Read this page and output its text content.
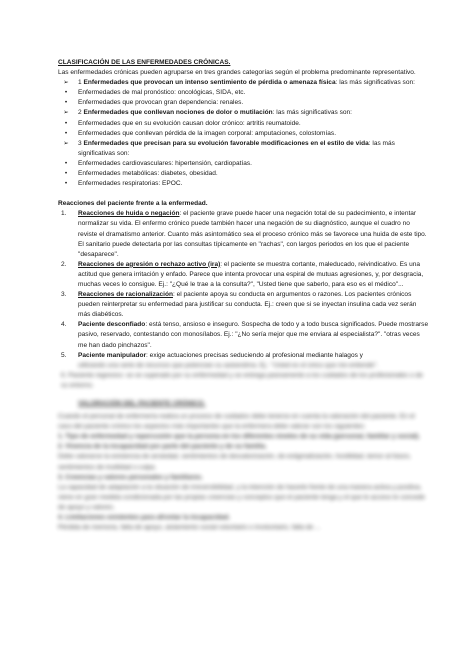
CLASIFICACIÓN DE LAS ENFERMEDADES CRÓNICAS.

Las enfermedades crónicas pueden agruparse en tres grandes categorías según el problema predominante representativo.

➢	1 Enfermedades que provocan un intenso sentimiento de pérdida o amenaza física: las más significativas son:
•	Enfermedades de mal pronóstico: oncológicas, SIDA, etc.
•	Enfermedades que provocan gran dependencia: renales.
➢	2 Enfermedades que conllevan nociones de dolor o mutilación: las más significativas son:
•	Enfermedades que en su evolución causan dolor crónico: artritis reumatoide.
•	Enfermedades que conllevan pérdida de la imagen corporal: amputaciones, colostomías.
➢	3 Enfermedades que precisan para su evolución favorable modificaciones en el estilo de vida: las más significativas son:
•	Enfermedades cardiovasculares: hipertensión, cardiopatías.
•	Enfermedades metabólicas: diabetes, obesidad.
•	Enfermedades respiratorias: EPOC.

Reacciones del paciente frente a la enfermedad.

1. Reacciones de huida o negación: el paciente grave puede hacer una negación total de su padecimiento, e intentar normalizar su vida. El enfermo crónico puede también hacer una negación de su diagnóstico, aunque el cuadro no reviste el dramatismo anterior. Cuanto más asintomático sea el proceso crónico más se favorece una huida de este tipo. El sanitario puede detectarla por las consultas típicamente en "rachas", con largos periodos en los que el paciente "desaparece".
2. Reacciones de agresión o rechazo activo (ira): el paciente se muestra cortante, maleducado, reivindicativo. Es una actitud que genera irritación y enfado. Parece que intenta provocar una espiral de mutuas agresiones, y, por desgracia, muchas veces lo consigue. Ej.: "¿Qué le trae a la consulta?", "Usted tiene que saberlo, para eso es el médico"...
3. Reacciones de racionalización: el paciente apoya su conducta en argumentos o razones. Los pacientes crónicos pueden reinterpretar su enfermedad para justificar su conducta. Ej.: creen que si se inyectan insulina cada vez serán más diabéticos.
4. Paciente desconfiado: está tenso, ansioso e inseguro. Sospecha de todo y a todo busca significados. Puede mostrarse pasivo, reservado, contestando con monosílabos. Ej.: "¿No sería mejor que me enviara al especialista?". "otras veces me han dado pinchazos".
5. Paciente manipulador: exige actuaciones precisas seduciendo al profesional mediante halagos y

utilizando una serie de recursos que potencian su autoestima. Ej.: "Usted es el único que me entiende".

6. Paciente regresivo: se ve superado por su enfermedad y se entrega pasivamente a los cuidados de los profesionales o de su entorno.

VALORACIÓN DEL PACIENTE CRÓNICO.

Cuando el personal de enfermería realiza un proceso de cuidados debe tenerse en cuenta la valoración del paciente. En el caso del paciente crónico los aspectos más importantes que la enfermera debe valorar son los siguientes:

1. Tipo de enfermedad y repercusión que la persona en los diferentes niveles de su vida (personal, familiar y social).

2. Vivencia de la incapacidad por parte del paciente y de su familia.

Debe valorarse la existencia de ansiedad, sentimientos de desvalorización, de estigmatización, hostilidad, temor al futuro, sentimientos de inutilidad o culpa.

3. Creencias y valores personales y familiares.

La capacidad de adaptación a la situación de irreversibilidad, y la intención de hacerle frente de una manera activa y positiva, viene en gran medida condicionada por las propias creencias y conceptos que el paciente tenga y el que le acceso le concede de apoyo y valores.

4. Limitaciones existentes para afrontar la incapacidad.

Pérdida de memoria, falta de apoyo, aislamiento social voluntario o involuntario, falta de ...
